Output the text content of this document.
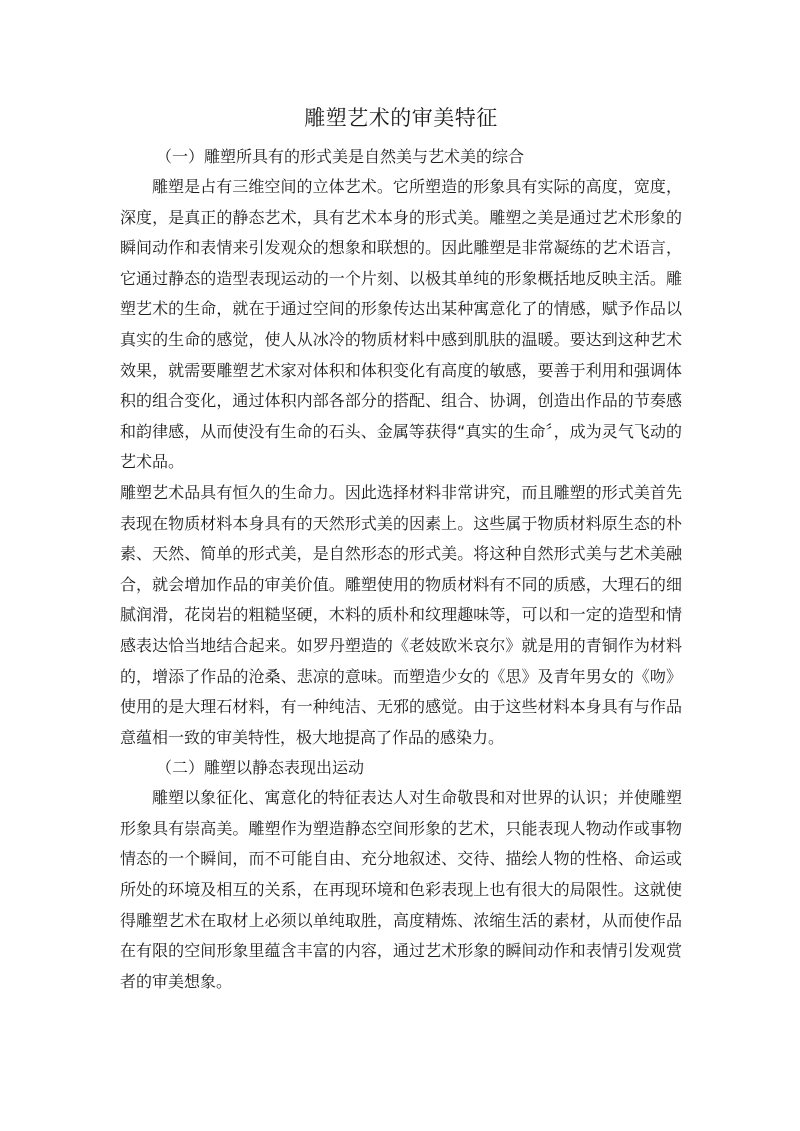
雕塑艺术的审美特征

（一）雕塑所具有的形式美是自然美与艺术美的综合

雕塑是占有三维空间的立体艺术。它所塑造的形象具有实际的高度，宽度，深度，是真正的静态艺术，具有艺术本身的形式美。雕塑之美是通过艺术形象的瞬间动作和表情来引发观众的想象和联想的。因此雕塑是非常凝练的艺术语言，它通过静态的造型表现运动的一个片刻、以极其单纯的形象概括地反映主活。雕塑艺术的生命，就在于通过空间的形象传达出某种寓意化了的情感，赋予作品以真实的生命的感觉，使人从冰冷的物质材料中感到肌肤的温暖。要达到这种艺术效果，就需要雕塑艺术家对体积和体积变化有高度的敏感，要善于利用和强调体积的组合变化，通过体积内部各部分的搭配、组合、协调，创造出作品的节奏感和韵律感，从而使没有生命的石头、金属等获得“真实的生命〞，成为灵气飞动的艺术品。

雕塑艺术品具有恒久的生命力。因此选择材料非常讲究，而且雕塑的形式美首先表现在物质材料本身具有的天然形式美的因素上。这些属于物质材料原生态的朴素、天然、简单的形式美，是自然形态的形式美。将这种自然形式美与艺术美融合，就会增加作品的审美价值。雕塑使用的物质材料有不同的质感，大理石的细腻润滑，花岗岩的粗糙坚硬，木料的质朴和纹理趣味等，可以和一定的造型和情感表达恰当地结合起来。如罗丹塑造的《老妓欧米哀尔》就是用的青铜作为材料的，增添了作品的沧桑、悲凉的意味。而塑造少女的《思》及青年男女的《吻》使用的是大理石材料，有一种纯洁、无邪的感觉。由于这些材料本身具有与作品意蕴相一致的审美特性，极大地提高了作品的感染力。

（二）雕塑以静态表现出运动

雕塑以象征化、寓意化的特征表达人对生命敬畏和对世界的认识；并使雕塑形象具有崇高美。雕塑作为塑造静态空间形象的艺术，只能表现人物动作或事物情态的一个瞬间，而不可能自由、充分地叙述、交待、描绘人物的性格、命运或所处的环境及相互的关系，在再现环境和色彩表现上也有很大的局限性。这就使得雕塑艺术在取材上必须以单纯取胜，高度精炼、浓缩生活的素材，从而使作品在有限的空间形象里蕴含丰富的内容，通过艺术形象的瞬间动作和表情引发观赏者的审美想象。
